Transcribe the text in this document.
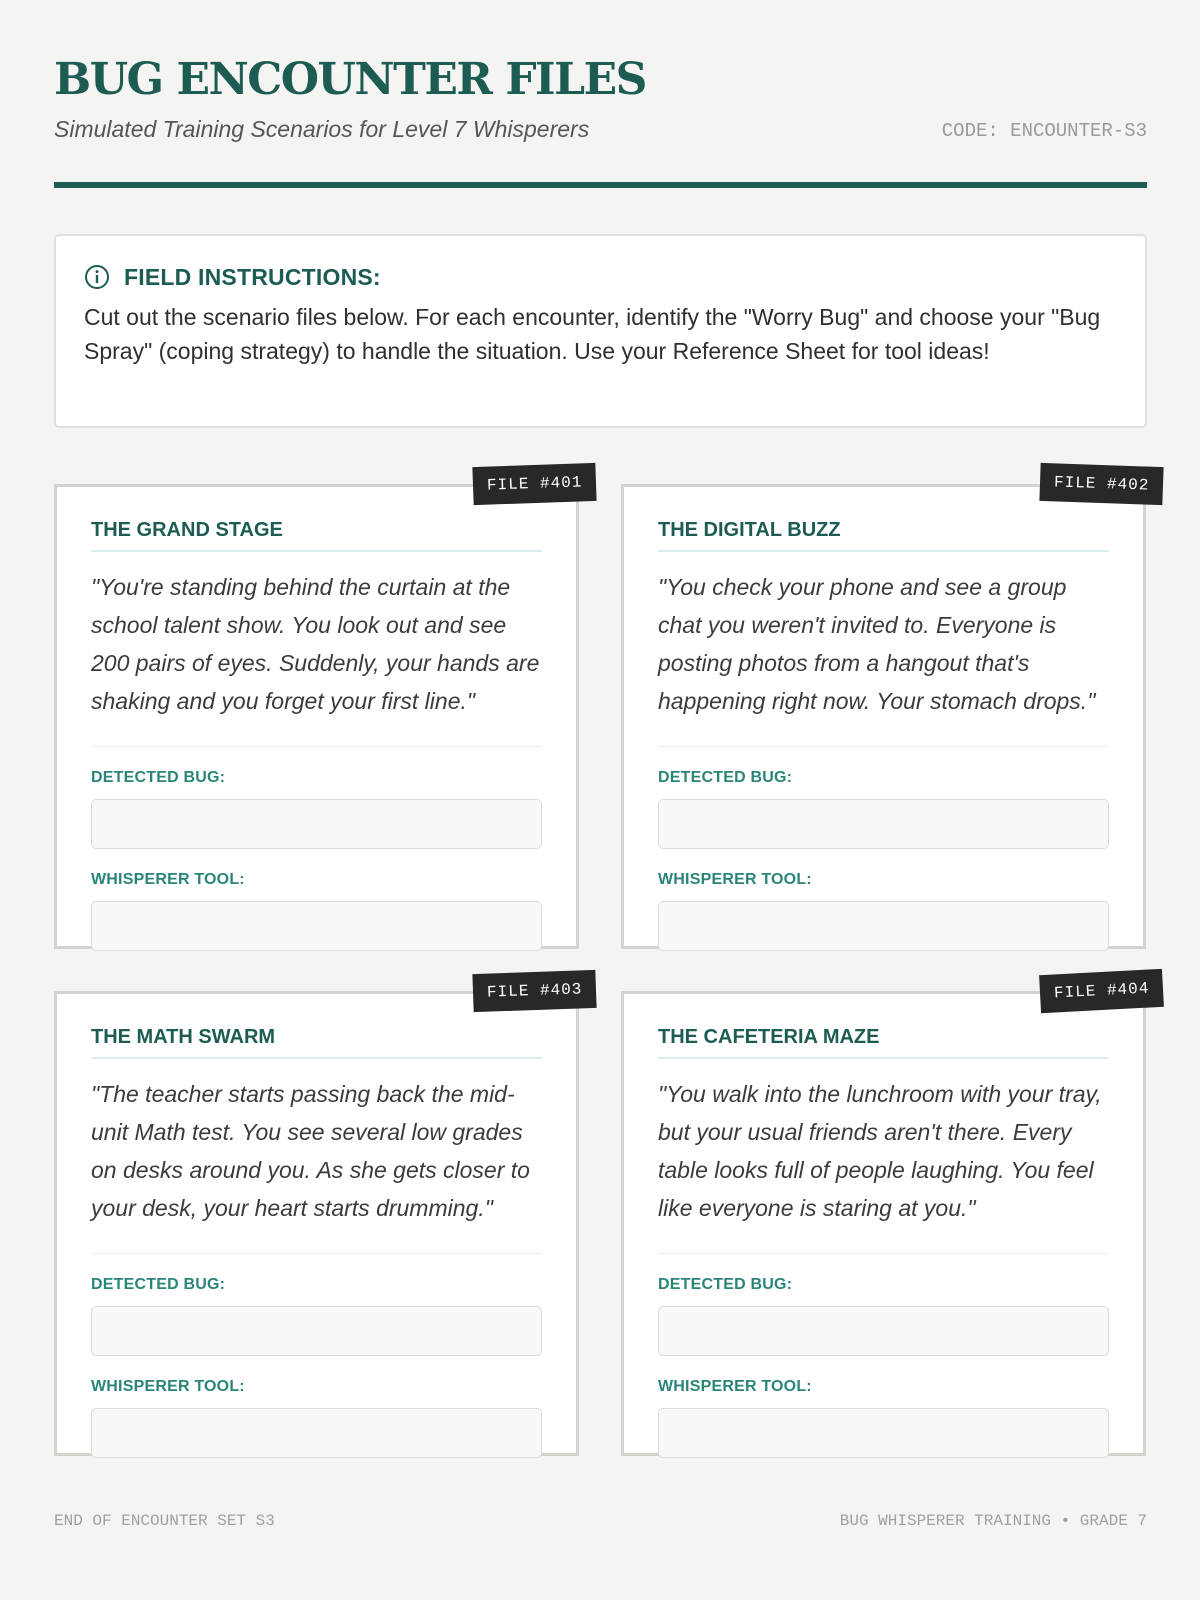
BUG ENCOUNTER FILES
Simulated Training Scenarios for Level 7 Whisperers	CODE: ENCOUNTER-S3
FIELD INSTRUCTIONS:
Cut out the scenario files below. For each encounter, identify the "Worry Bug" and choose your "Bug Spray" (coping strategy) to handle the situation. Use your Reference Sheet for tool ideas!
FILE #401
THE GRAND STAGE
"You're standing behind the curtain at the school talent show. You look out and see 200 pairs of eyes. Suddenly, your hands are shaking and you forget your first line."
DETECTED BUG:
WHISPERER TOOL:
FILE #402
THE DIGITAL BUZZ
"You check your phone and see a group chat you weren't invited to. Everyone is posting photos from a hangout that's happening right now. Your stomach drops."
DETECTED BUG:
WHISPERER TOOL:
FILE #403
THE MATH SWARM
"The teacher starts passing back the mid-unit Math test. You see several low grades on desks around you. As she gets closer to your desk, your heart starts drumming."
DETECTED BUG:
WHISPERER TOOL:
FILE #404
THE CAFETERIA MAZE
"You walk into the lunchroom with your tray, but your usual friends aren't there. Every table looks full of people laughing. You feel like everyone is staring at you."
DETECTED BUG:
WHISPERER TOOL:
END OF ENCOUNTER SET S3	BUG WHISPERER TRAINING • GRADE 7
